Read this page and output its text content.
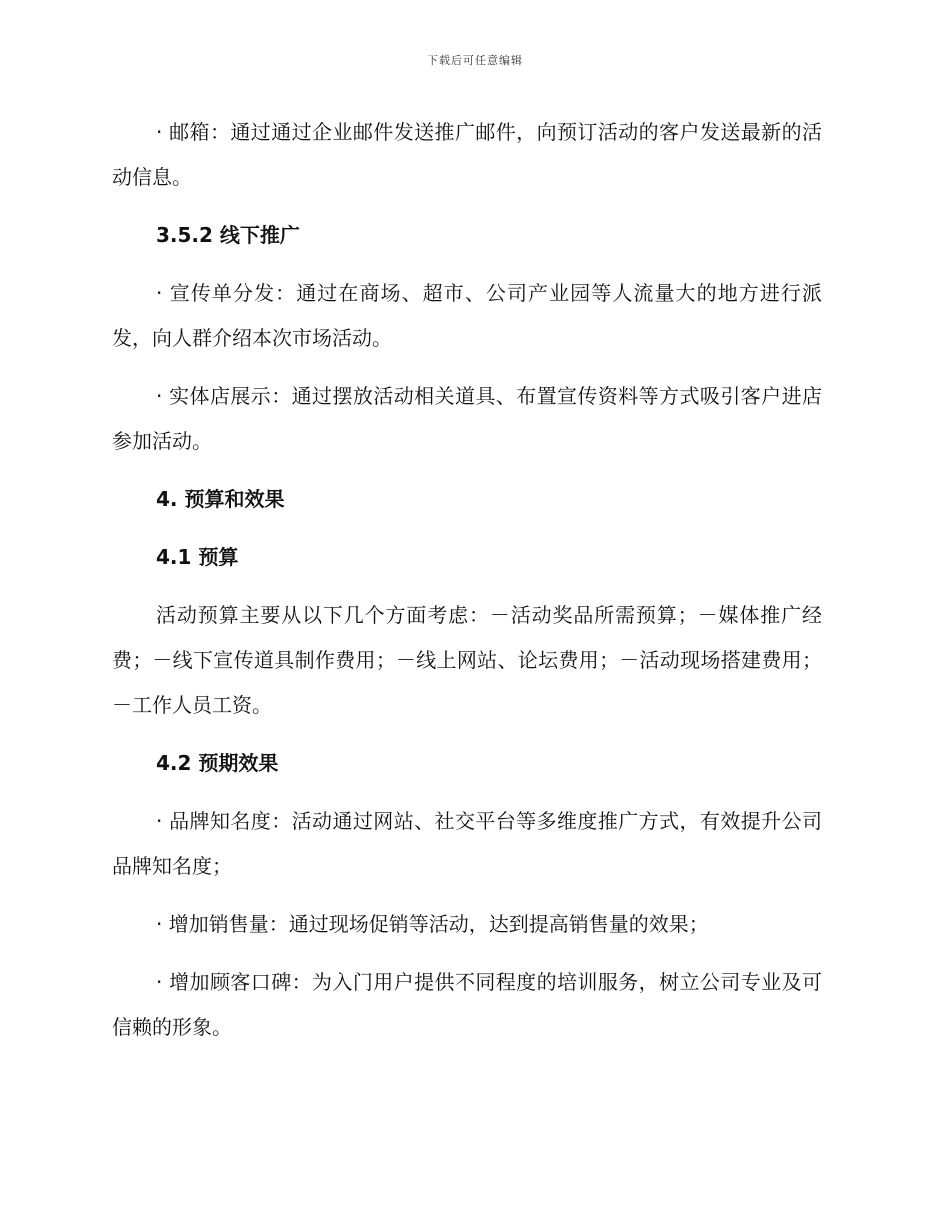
下载后可任意编辑

· 邮箱：通过通过企业邮件发送推广邮件，向预订活动的客户发送最新的活动信息。

3.5.2 线下推广

· 宣传单分发：通过在商场、超市、公司产业园等人流量大的地方进行派发，向人群介绍本次市场活动。

· 实体店展示：通过摆放活动相关道具、布置宣传资料等方式吸引客户进店参加活动。

4. 预算和效果
4.1 预算

活动预算主要从以下几个方面考虑：－活动奖品所需预算；－媒体推广经费；－线下宣传道具制作费用；－线上网站、论坛费用；－活动现场搭建费用；－工作人员工资。

4.2 预期效果

· 品牌知名度：活动通过网站、社交平台等多维度推广方式，有效提升公司品牌知名度；

· 增加销售量：通过现场促销等活动，达到提高销售量的效果；

· 增加顾客口碑：为入门用户提供不同程度的培训服务，树立公司专业及可信赖的形象。
